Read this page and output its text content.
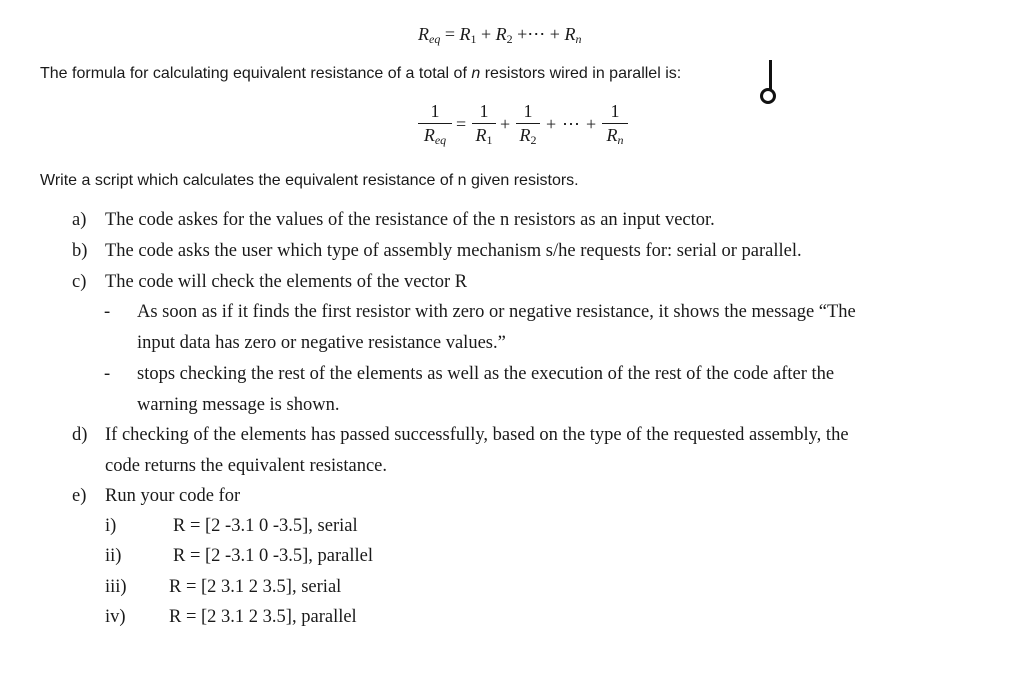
$R_{eq} = R_1 + R_2$ +⋯ + $R_n$
The formula for calculating equivalent resistance of a total of n resistors wired in parallel is:
1
$R_{eq}$
=
1
$R_1$
+
1
$R_2$
+ ⋯ +
1
$R_n$
Write a script which calculates the equivalent resistance of n given resistors.
a) The code askes for the values of the resistance of the n resistors as an input vector.
b) The code asks the user which type of assembly mechanism s/he requests for: serial or parallel.
c) The code will check the elements of the vector R
- As soon as if it finds the first resistor with zero or negative resistance, it shows the message “The
input data has zero or negative resistance values.”
- stops checking the rest of the elements as well as the execution of the rest of the code after the
warning message is shown.
d) If checking of the elements has passed successfully, based on the type of the requested assembly, the
code returns the equivalent resistance.
e) Run your code for
i)	R = [2 -3.1 0 -3.5], serial
ii)	R = [2 -3.1 0 -3.5], parallel
iii) R = [2 3.1 2 3.5], serial
iv) R = [2 3.1 2 3.5], parallel
